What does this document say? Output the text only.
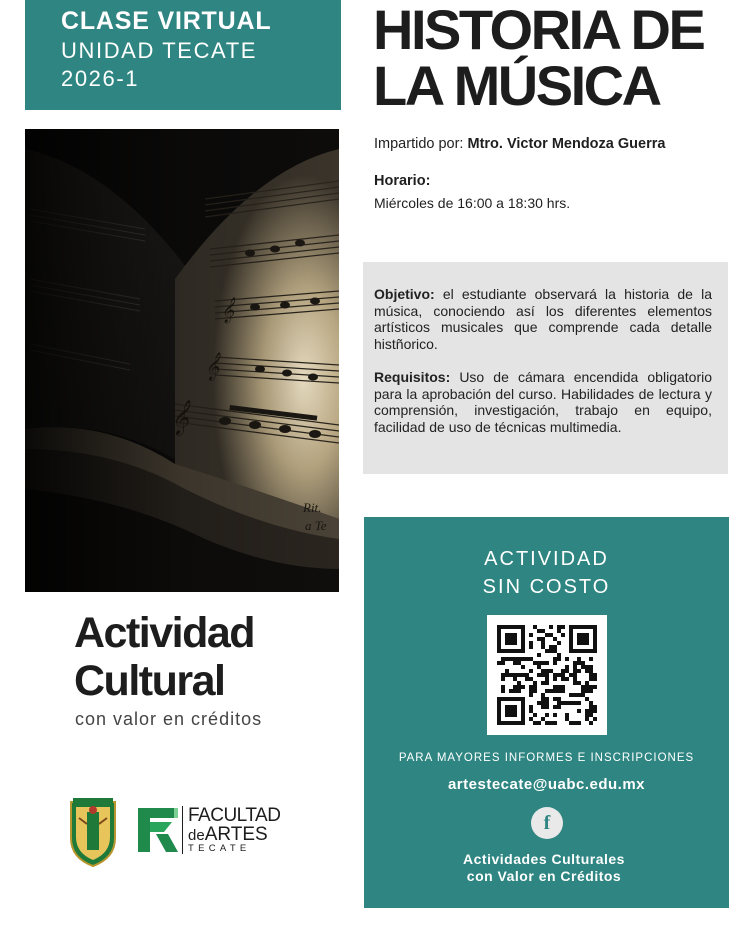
CLASE VIRTUAL
UNIDAD TECATE
2026-1
HISTORIA DE
LA MÚSICA
Impartido por: Mtro. Victor Mendoza Guerra
Horario:
Miércoles de 16:00 a 18:30 hrs.

Objetivo: el estudiante observará la historia de la música, conociendo así los diferentes elementos artísticos musicales que comprende cada detalle histñorico.

Requisitos: Uso de cámara encendida obligatorio para la aprobación del curso. Habilidades de lectura y comprensión, investigación, trabajo en equipo, facilidad de uso de técnicas multimedia.

Actividad
Cultural
con valor en créditos
FACULTAD
deARTES
TECATE
ACTIVIDAD
SIN COSTO
PARA MAYORES INFORMES E INSCRIPCIONES
artestecate@uabc.edu.mx
f
Actividades Culturales
con Valor en Créditos
